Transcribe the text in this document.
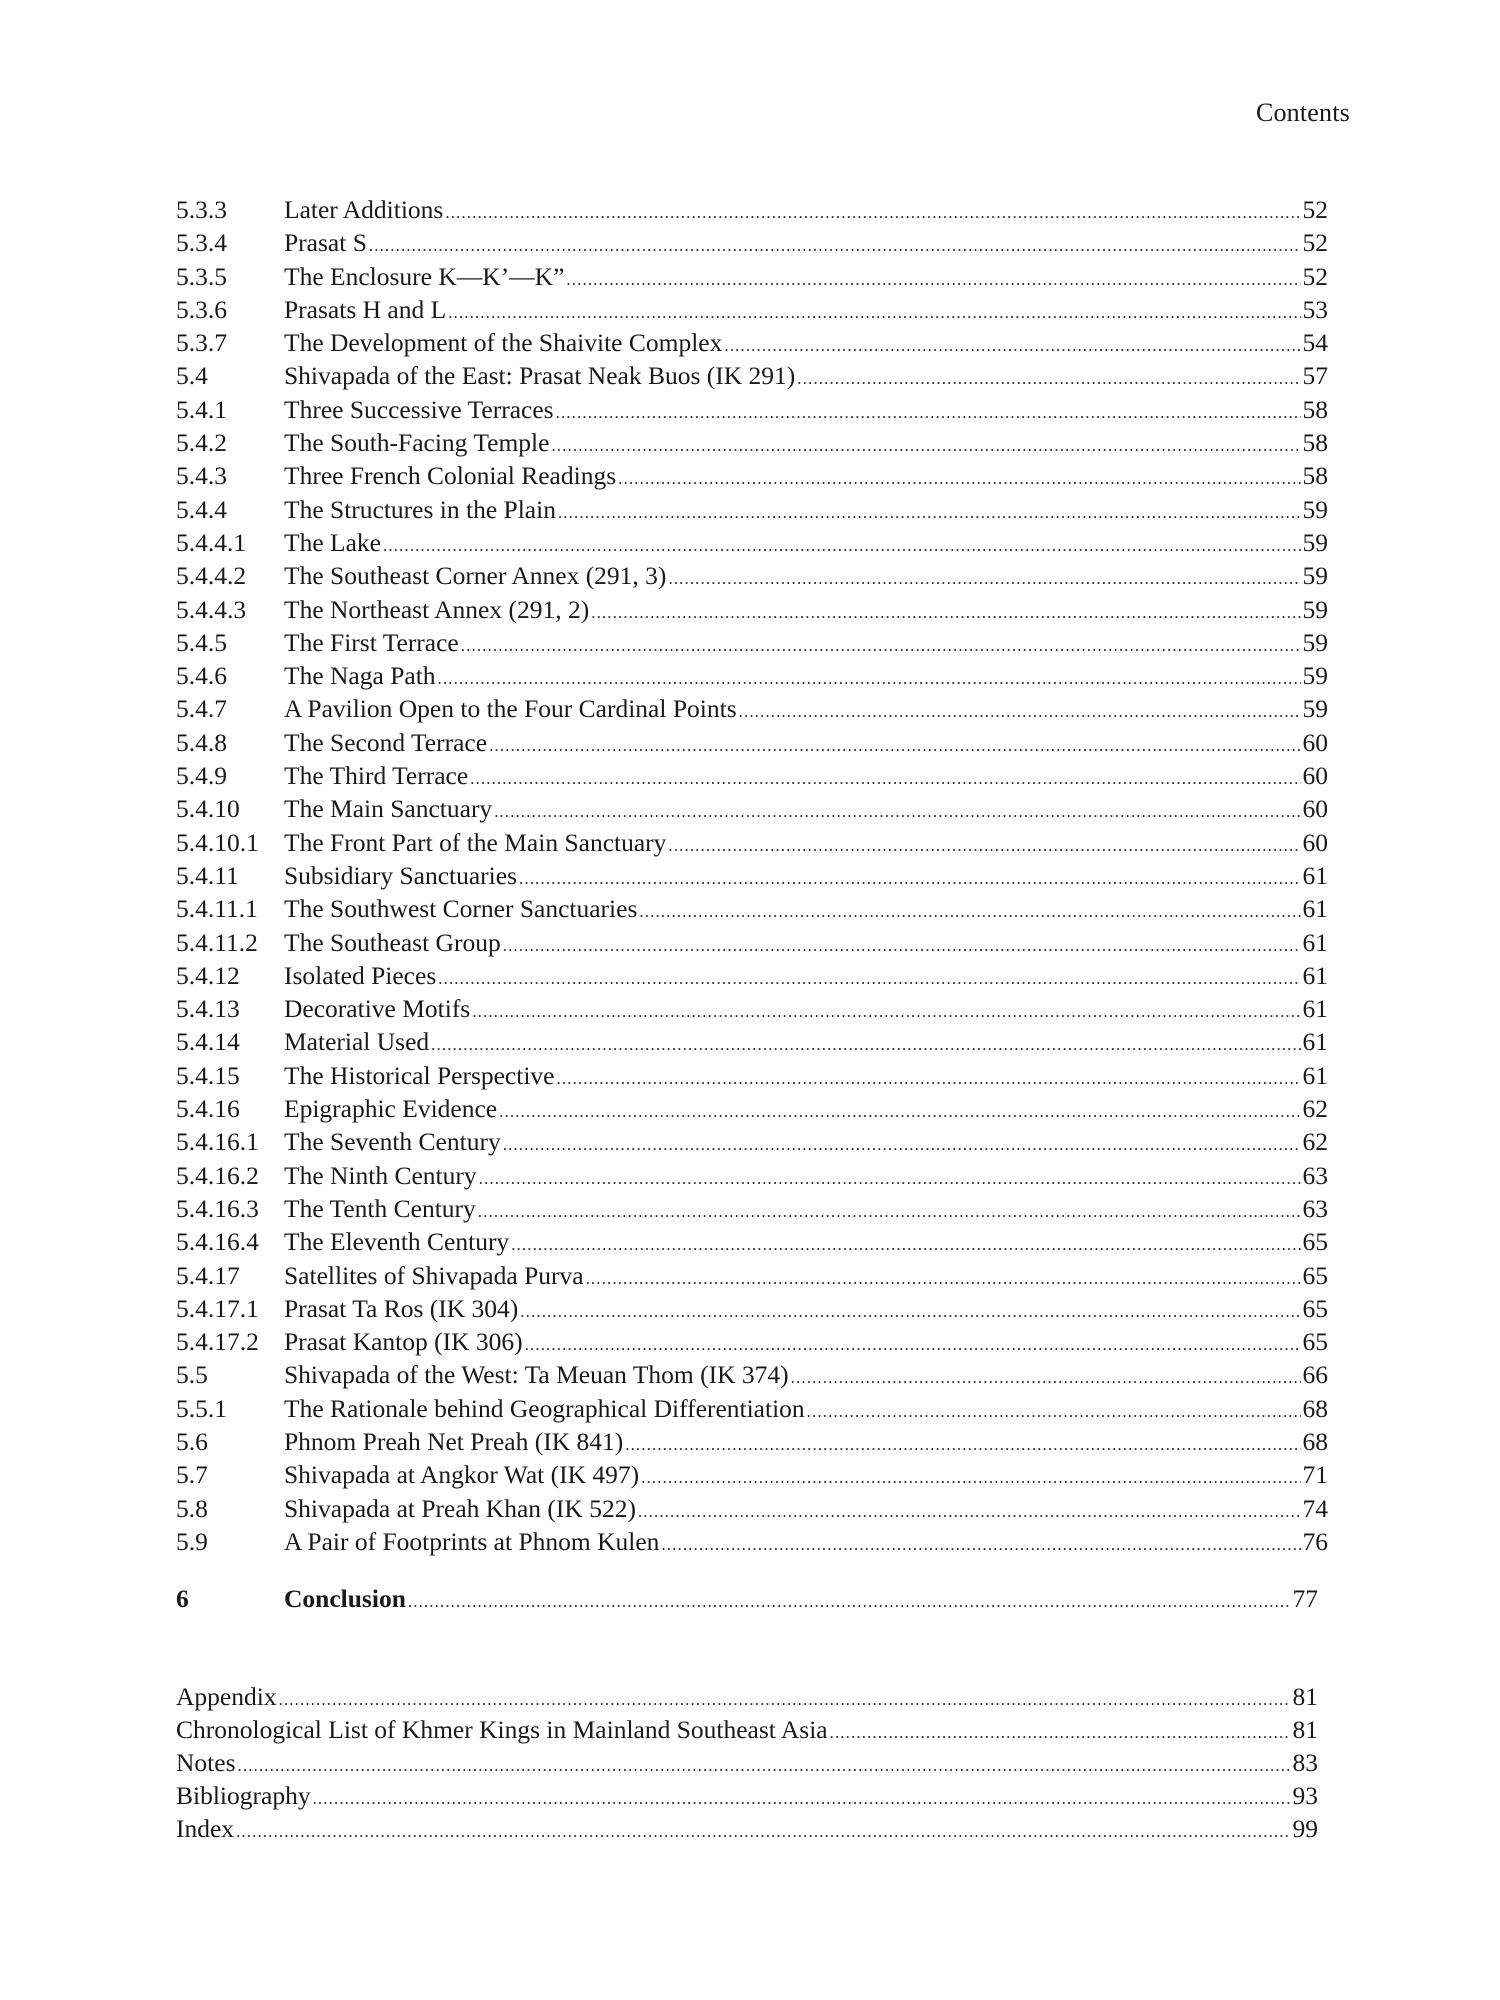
Contents
5.3.3	Later Additions .....	52
5.3.4	Prasat S .....	52
5.3.5	The Enclosure K—K’—K” .....	52
5.3.6	Prasats H and L .....	53
5.3.7	The Development of the Shaivite Complex .....	54
5.4	Shivapada of the East: Prasat Neak Buos (IK 291) .....	57
5.4.1	Three Successive Terraces .....	58
5.4.2	The South-Facing Temple .....	58
5.4.3	Three French Colonial Readings .....	58
5.4.4	The Structures in the Plain .....	59
5.4.4.1	The Lake .....	59
5.4.4.2	The Southeast Corner Annex (291, 3) .....	59
5.4.4.3	The Northeast Annex (291, 2) .....	59
5.4.5	The First Terrace .....	59
5.4.6	The Naga Path .....	59
5.4.7	A Pavilion Open to the Four Cardinal Points .....	59
5.4.8	The Second Terrace .....	60
5.4.9	The Third Terrace .....	60
5.4.10	The Main Sanctuary .....	60
5.4.10.1 The Front Part of the Main Sanctuary .....	60
5.4.11	Subsidiary Sanctuaries .....	61
5.4.11.1	The Southwest Corner Sanctuaries .....	61
5.4.11.2	The Southeast Group .....	61
5.4.12	Isolated Pieces .....	61
5.4.13	Decorative Motifs .....	61
5.4.14	Material Used .....	61
5.4.15	The Historical Perspective .....	61
5.4.16	Epigraphic Evidence .....	62
5.4.16.1 The Seventh Century .....	62
5.4.16.2 The Ninth Century .....	63
5.4.16.3 The Tenth Century .....	63
5.4.16.4 The Eleventh Century .....	65
5.4.17	Satellites of Shivapada Purva .....	65
5.4.17.1 Prasat Ta Ros (IK 304) .....	65
5.4.17.2 Prasat Kantop (IK 306) .....	65
5.5	Shivapada of the West: Ta Meuan Thom (IK 374) .....	66
5.5.1	The Rationale behind Geographical Differentiation .....	68
5.6	Phnom Preah Net Preah (IK 841) .....	68
5.7	Shivapada at Angkor Wat (IK 497) .....	71
5.8	Shivapada at Preah Khan (IK 522) .....	74
5.9	A Pair of Footprints at Phnom Kulen .....	76
6	Conclusion .....	77
Appendix .....	81
Chronological List of Khmer Kings in Mainland Southeast Asia .....	81
Notes .....	83
Bibliography .....	93
Index .....	99
